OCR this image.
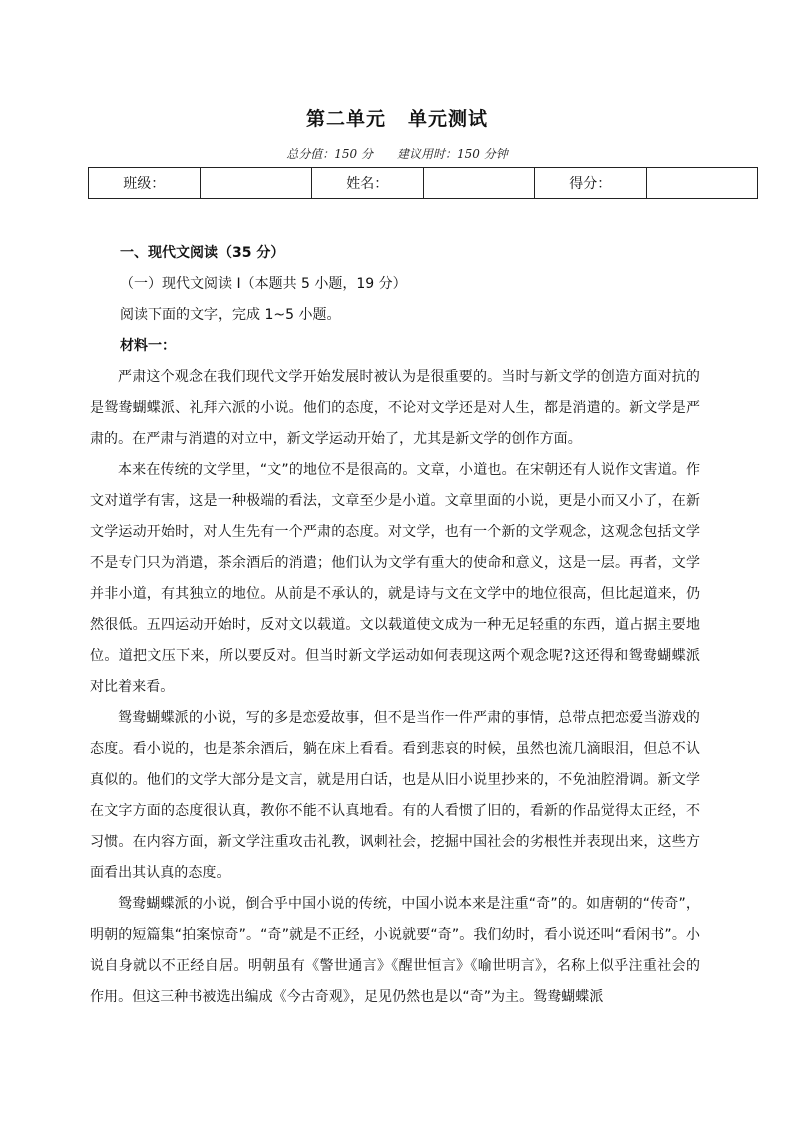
第二单元 单元测试
总分值：150 分 建议用时：150 分钟
班级：		姓名：		得分：	
一、现代文阅读（35 分）
（一）现代文阅读 I（本题共 5 小题，19 分）
阅读下面的文字，完成 1~5 小题。
材料一：
严肃这个观念在我们现代文学开始发展时被认为是很重要的。当时与新文学的创造方面对抗的是鸳鸯蝴蝶派、礼拜六派的小说。他们的态度，不论对文学还是对人生，都是消遣的。新文学是严肃的。在严肃与消遣的对立中，新文学运动开始了，尤其是新文学的创作方面。
本来在传统的文学里，“文”的地位不是很高的。文章，小道也。在宋朝还有人说作文害道。作文对道学有害，这是一种极端的看法，文章至少是小道。文章里面的小说，更是小而又小了，在新文学运动开始时，对人生先有一个严肃的态度。对文学，也有一个新的文学观念，这观念包括文学不是专门只为消遣，茶余酒后的消遣；他们认为文学有重大的使命和意义，这是一层。再者，文学并非小道，有其独立的地位。从前是不承认的，就是诗与文在文学中的地位很高，但比起道来，仍然很低。五四运动开始时，反对文以载道。文以载道使文成为一种无足轻重的东西，道占据主要地位。道把文压下来，所以要反对。但当时新文学运动如何表现这两个观念呢?这还得和鸳鸯蝴蝶派对比着来看。
鸳鸯蝴蝶派的小说，写的多是恋爱故事，但不是当作一件严肃的事情，总带点把恋爱当游戏的态度。看小说的，也是茶余酒后，躺在床上看看。看到悲哀的时候，虽然也流几滴眼泪，但总不认真似的。他们的文学大部分是文言，就是用白话，也是从旧小说里抄来的，不免油腔滑调。新文学在文字方面的态度很认真，教你不能不认真地看。有的人看惯了旧的，看新的作品觉得太正经，不习惯。在内容方面，新文学注重攻击礼教，讽刺社会，挖掘中国社会的劣根性并表现出来，这些方面看出其认真的态度。
鸳鸯蝴蝶派的小说，倒合乎中国小说的传统，中国小说本来是注重“奇”的。如唐朝的“传奇”，明朝的短篇集“拍案惊奇”。“奇”就是不正经，小说就要“奇”。我们幼时，看小说还叫“看闲书”。小说自身就以不正经自居。明朝虽有《警世通言》《醒世恒言》《喻世明言》，名称上似乎注重社会的作用。但这三种书被选出编成《今古奇观》，足见仍然也是以“奇”为主。鸳鸯蝴蝶派
